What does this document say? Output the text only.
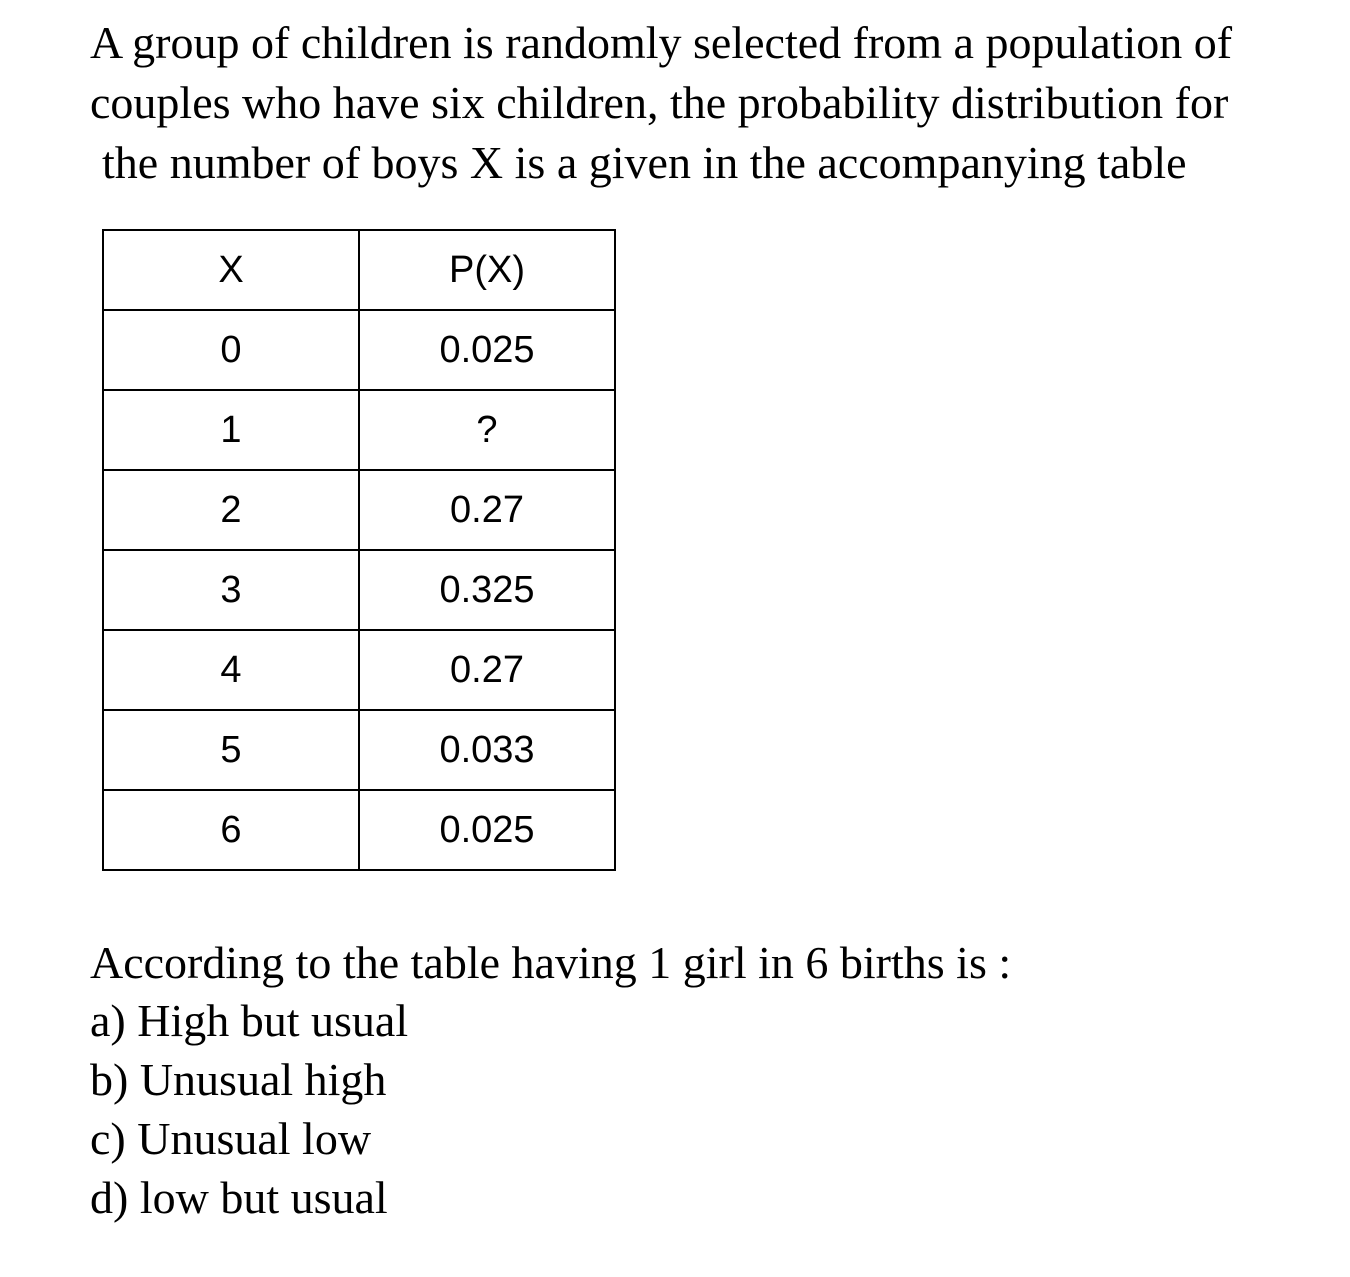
A group of children is randomly selected from a population of
couples who have six children, the probability distribution for
the number of boys X is a given in the accompanying table
X	P(X)
0	0.025
1	?
2	0.27
3	0.325
4	0.27
5	0.033
6	0.025
According to the table having 1 girl in 6 births is :
a) High but usual
b) Unusual high
c) Unusual low
d) low but usual
